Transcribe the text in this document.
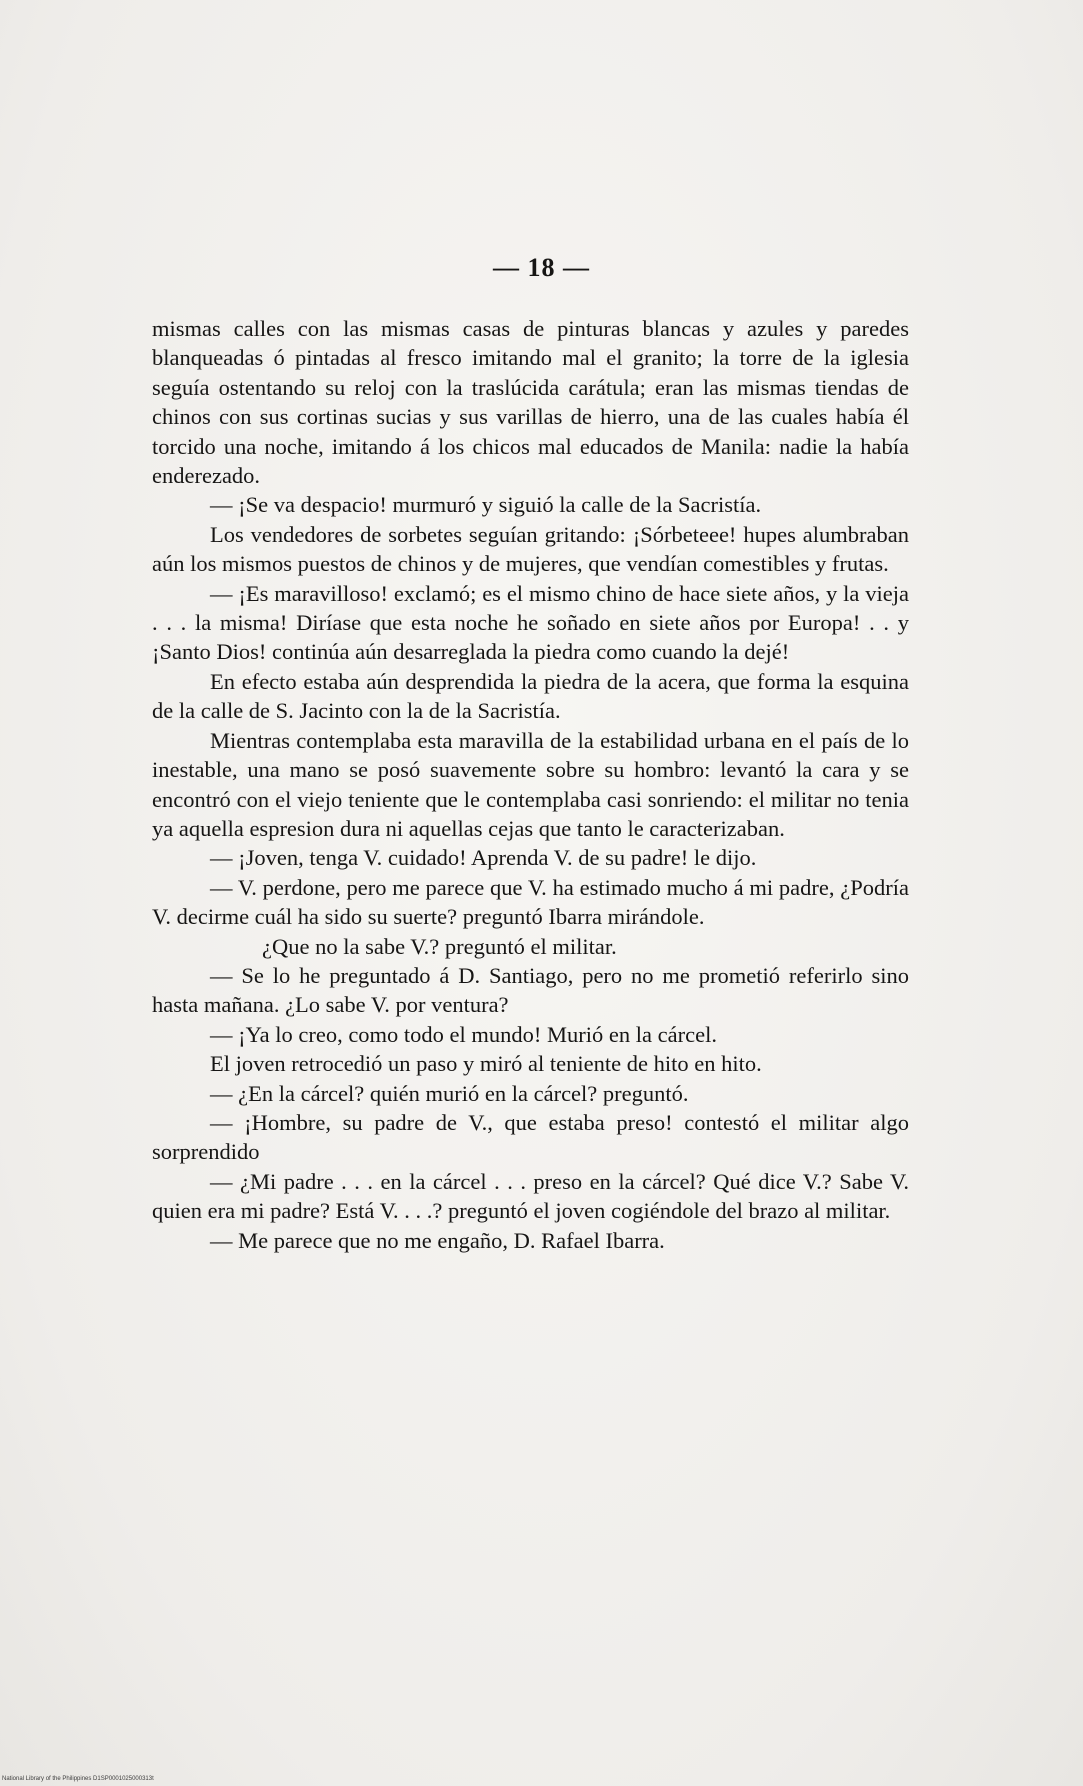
— 18 —

mismas calles con las mismas casas de pinturas blancas y azules y paredes blanqueadas ó pintadas al fresco imitando mal el granito; la torre de la iglesia seguía ostentando su reloj con la traslúcida carátula; eran las mismas tiendas de chinos con sus cortinas sucias y sus varillas de hierro, una de las cuales había él torcido una noche, imitando á los chicos mal educados de Manila: nadie la había enderezado.

— ¡Se va despacio! murmuró y siguió la calle de la Sacristía.

Los vendedores de sorbetes seguían gritando: ¡Sórbeteee! hupes alumbraban aún los mismos puestos de chinos y de mujeres, que vendían comestibles y frutas.

— ¡Es maravilloso! exclamó; es el mismo chino de hace siete años, y la vieja . . . la misma! Diríase que esta noche he soñado en siete años por Europa! . . y ¡Santo Dios! continúa aún desarreglada la piedra como cuando la dejé!

En efecto estaba aún desprendida la piedra de la acera, que forma la esquina de la calle de S. Jacinto con la de la Sacristía.

Mientras contemplaba esta maravilla de la estabilidad urbana en el país de lo inestable, una mano se posó suavemente sobre su hombro: levantó la cara y se encontró con el viejo teniente que le contemplaba casi sonriendo: el militar no tenia ya aquella espresion dura ni aquellas cejas que tanto le caracterizaban.

— ¡Joven, tenga V. cuidado! Aprenda V. de su padre! le dijo.

— V. perdone, pero me parece que V. ha estimado mucho á mi padre, ¿Podría V. decirme cuál ha sido su suerte? preguntó Ibarra mirándole.

¿Que no la sabe V.? preguntó el militar.

— Se lo he preguntado á D. Santiago, pero no me prometió referirlo sino hasta mañana. ¿Lo sabe V. por ventura?

— ¡Ya lo creo, como todo el mundo! Murió en la cárcel.

El joven retrocedió un paso y miró al teniente de hito en hito.

— ¿En la cárcel? quién murió en la cárcel? preguntó.

— ¡Hombre, su padre de V., que estaba preso! contestó el militar algo sorprendido

— ¿Mi padre . . . en la cárcel . . . preso en la cárcel? Qué dice V.? Sabe V. quien era mi padre? Está V. . . .? preguntó el joven cogiéndole del brazo al militar.

— Me parece que no me engaño, D. Rafael Ibarra.

National Library of the Philippines D1SP0001025000313t
